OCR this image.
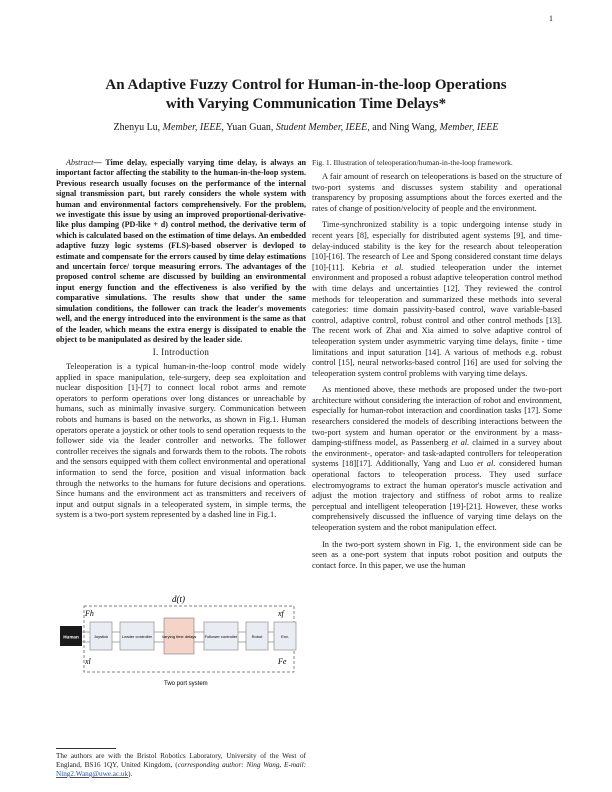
1
An Adaptive Fuzzy Control for Human-in-the-loop Operations
with Varying Communication Time Delays*
Zhenyu Lu, Member, IEEE, Yuan Guan, Student Member, IEEE, and Ning Wang, Member, IEEE

Abstract— Time delay, especially varying time delay, is always an important factor affecting the stability to the human-in-the-loop system. Previous research usually focuses on the performance of the internal signal transmission part, but rarely considers the whole system with human and environmental factors comprehensively. For the problem, we investigate this issue by using an improved proportional-derivative-like plus damping (PD-like + d) control method, the derivative term of which is calculated based on the estimation of time delays. An embedded adaptive fuzzy logic systems (FLS)-based observer is devloped to estimate and compensate for the errors caused by time delay estimations and uncertain force/ torque measuring errors. The advantages of the proposed control scheme are discussed by building an environmental input energy function and the effectiveness is also verified by the comparative simulations. The results show that under the same simulation conditions, the follower can track the leader's movements well, and the energy introduced into the environment is the same as that of the leader, which means the extra energy is dissipated to enable the object to be manipulated as desired by the leader side.

I. Introduction

Teleoperation is a typical human-in-the-loop control mode widely applied in space manipulation, tele-surgery, deep sea exploitation and nuclear disposition [1]-[7] to connect local robot arms and remote operators to perform operations over long distances or unreachable by humans, such as minimally invasive surgery. Communication between robots and humans is based on the networks, as shown in Fig.1. Human operators operate a joystick or other tools to send operation requests to the follower side via the leader controller and networks. The follower controller receives the signals and forwards them to the robots. The robots and the sensors equipped with them collect environmental and operational information to send the force, position and visual information back through the networks to the humans for future decisions and operations. Since humans and the environment act as transmitters and receivers of input and output signals in a teleoperated system, in simple terms, the system is a two-port system represented by a dashed line in Fig.1.

Human	Joystick	Leader controller Varying time delays Follower controller	Robot	Env.
d(t)
Fh
xl
xf
Fe
Two port system
Fig. 1. Illustration of teleoperation/human-in-the-loop framework.

A fair amount of research on teleoperations is based on the structure of two-port systems and discusses system stability and operational transparency by proposing assumptions about the forces exerted and the rates of change of position/velocity of people and the environment.

Time-synchronized stability is a topic undergoing intense study in recent years [8], especially for distributed agent systems [9], and time-delay-induced stability is the key for the research about teleoperation [10]-[16]. The research of Lee and Spong considered constant time delays [10]-[11]. Kebria et al. studied teleoperation under the internet environment and proposed a robust adaptive teleoperation control method with time delays and uncertainties [12]. They reviewed the control methods for teleoperation and summarized these methods into several categories: time domain passivity-based control, wave variable-based control, adaptive control, robust control and other control methods [13]. The recent work of Zhai and Xia aimed to solve adaptive control of teleoperation system under asymmetric varying time delays, finite - time limitations and input saturation [14]. A various of methods e.g. robust control [15], neural networks-based control [16] are used for solving the teleoperation system control problems with varying time delays.

As mentioned above, these methods are proposed under the two-port architecture without considering the interaction of robot and environment, especially for human-robot interaction and coordination tasks [17]. Some researchers considered the models of describing interactions between the two-port system and human operator or the environment by a mass-damping-stiffness model, as Passenberg et al. claimed in a survey about the environment-, operator- and task-adapted controllers for teleoperation systems [18][17]. Additionally, Yang and Luo et al. considered human operational factors to teleoperation process. They used surface electromyograms to extract the human operator's muscle activation and adjust the motion trajectory and stiffness of robot arms to realize perceptual and intelligent teleoperation [19]-[21]. However, these works comprehensively discussed the influence of varying time delays on the teleoperation system and the robot manipulation effect.

In the two-port system shown in Fig. 1, the environment side can be seen as a one-port system that inputs robot position and outputs the contact force. In this paper, we use the human

The authors are with the Bristol Robotics Laboratory, University of the West of England, BS16 1QY, United Kingdom, (corresponding author: Ning Wang, E-mail: Ning2.Wang@uwe.ac.uk).
